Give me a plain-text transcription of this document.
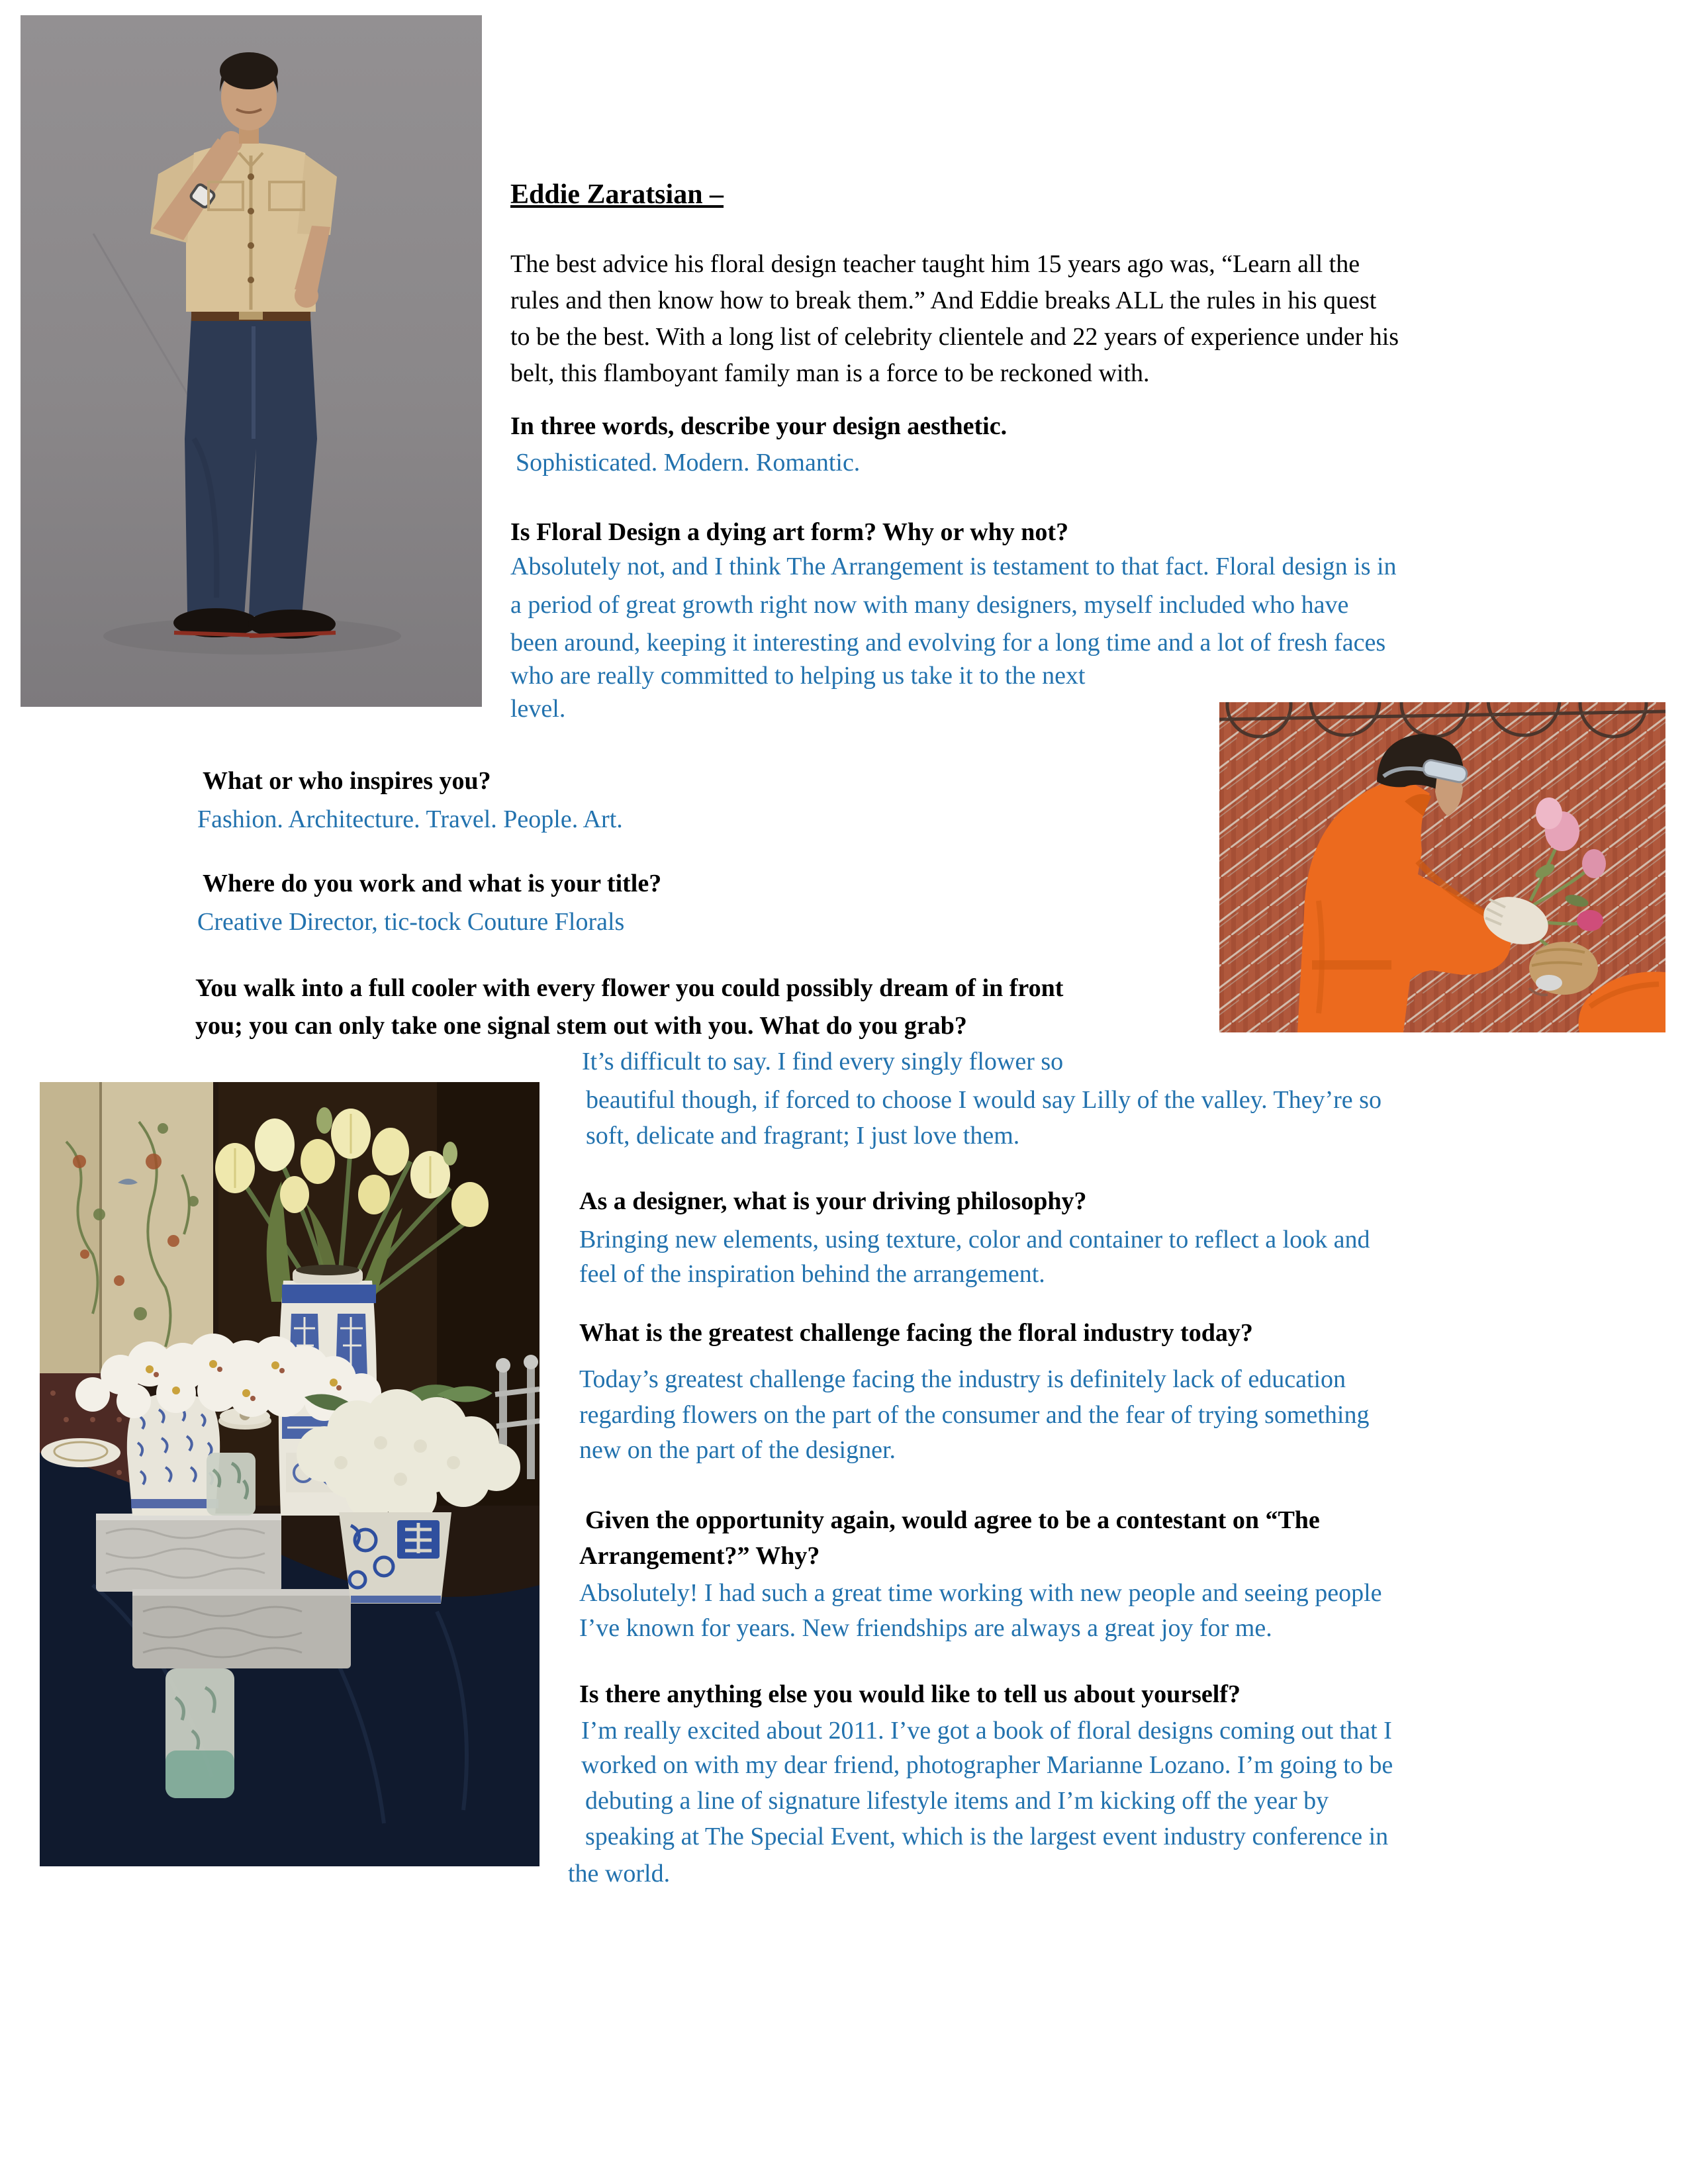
Eddie Zaratsian –
The best advice his floral design teacher taught him 15 years ago was, “Learn all the
rules and then know how to break them.” And Eddie breaks ALL the rules in his quest
to be the best. With a long list of celebrity clientele and 22 years of experience under his
belt, this flamboyant family man is a force to be reckoned with.
In three words, describe your design aesthetic.
Sophisticated. Modern. Romantic.
Is Floral Design a dying art form? Why or why not?
Absolutely not, and I think The Arrangement is testament to that fact. Floral design is in
a period of great growth right now with many designers, myself included who have
been around, keeping it interesting and evolving for a long time and a lot of fresh faces
who are really committed to helping us take it to the next
level.
What or who inspires you?
Fashion. Architecture. Travel. People. Art.
Where do you work and what is your title?
Creative Director, tic-tock Couture Florals
You walk into a full cooler with every flower you could possibly dream of in front
you; you can only take one signal stem out with you. What do you grab?
It’s difficult to say. I find every singly flower so
beautiful though, if forced to choose I would say Lilly of the valley. They’re so
soft, delicate and fragrant; I just love them.
As a designer, what is your driving philosophy?
Bringing new elements, using texture, color and container to reflect a look and
feel of the inspiration behind the arrangement.
What is the greatest challenge facing the floral industry today?
Today’s greatest challenge facing the industry is definitely lack of education
regarding flowers on the part of the consumer and the fear of trying something
new on the part of the designer.
Given the opportunity again, would agree to be a contestant on “The
Arrangement?” Why?
Absolutely! I had such a great time working with new people and seeing people
I’ve known for years. New friendships are always a great joy for me.
Is there anything else you would like to tell us about yourself?
I’m really excited about 2011. I’ve got a book of floral designs coming out that I
worked on with my dear friend, photographer Marianne Lozano. I’m going to be
debuting a line of signature lifestyle items and I’m kicking off the year by
speaking at The Special Event, which is the largest event industry conference in
the world.
